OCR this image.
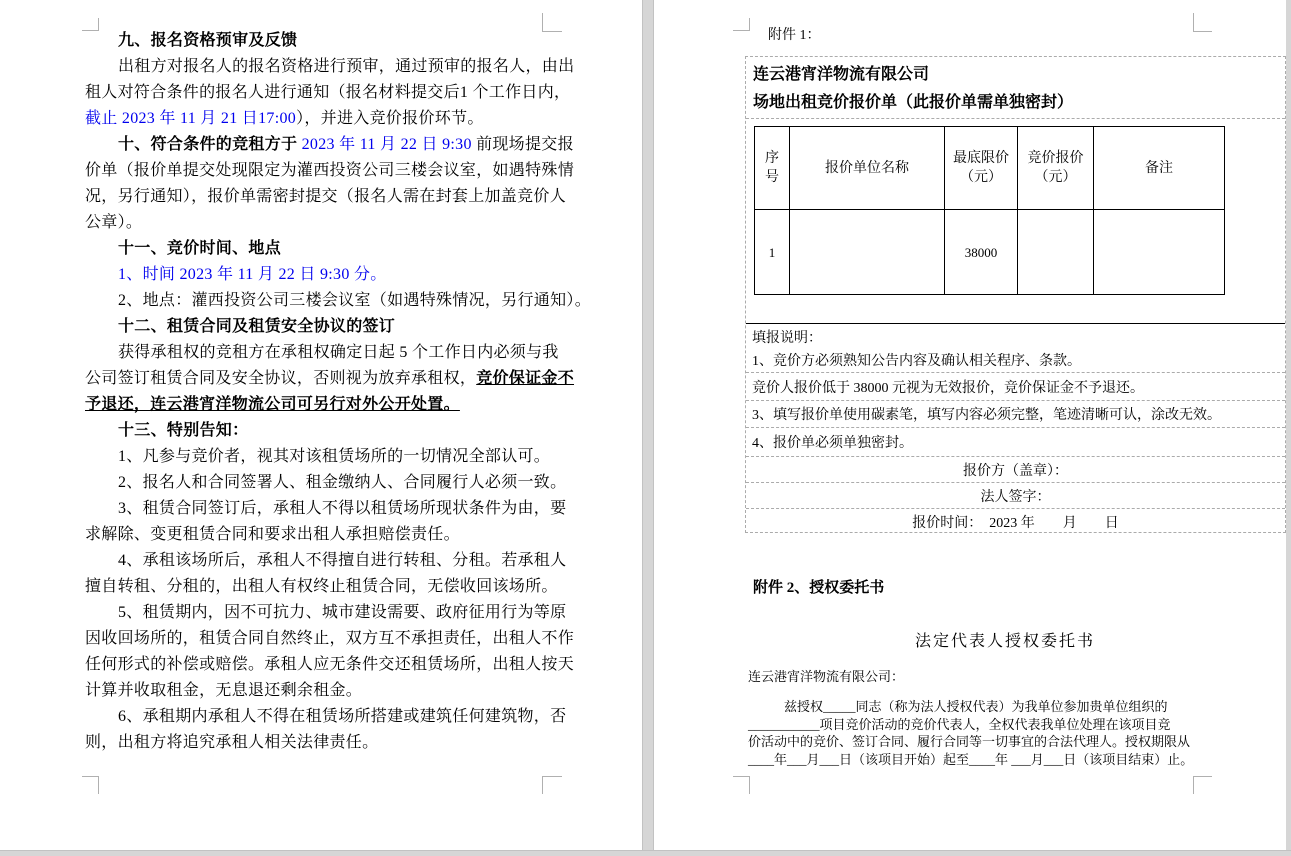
九、报名资格预审及反馈

出租方对报名人的报名资格进行预审，通过预审的报名人，由出

租人对符合条件的报名人进行通知（报名材料提交后1 个工作日内，

截止 2023 年 11 月 21 日17:00），并进入竞价报价环节。

十、符合条件的竞租方于 2023 年 11 月 22 日 9:30 前现场提交报

价单（报价单提交处现限定为灌西投资公司三楼会议室，如遇特殊情

况，另行通知），报价单需密封提交（报名人需在封套上加盖竞价人

公章）。

十一、竞价时间、地点

1、时间 2023 年 11 月 22 日 9:30 分。

2、地点：灌西投资公司三楼会议室（如遇特殊情况，另行通知）。

十二、租赁合同及租赁安全协议的签订

获得承租权的竞租方在承租权确定日起 5 个工作日内必须与我

公司签订租赁合同及安全协议，否则视为放弃承租权，竞价保证金不

予退还，连云港宵洋物流公司可另行对外公开处置。

十三、特别告知：

1、凡参与竞价者，视其对该租赁场所的一切情况全部认可。

2、报名人和合同签署人、租金缴纳人、合同履行人必须一致。

3、租赁合同签订后，承租人不得以租赁场所现状条件为由，要

求解除、变更租赁合同和要求出租人承担赔偿责任。

4、承租该场所后，承租人不得擅自进行转租、分租。若承租人

擅自转租、分租的，出租人有权终止租赁合同，无偿收回该场所。

5、租赁期内，因不可抗力、城市建设需要、政府征用行为等原

因收回场所的，租赁合同自然终止，双方互不承担责任，出租人不作

任何形式的补偿或赔偿。承租人应无条件交还租赁场所，出租人按天

计算并收取租金，无息退还剩余租金。

6、承租期内承租人不得在租赁场所搭建或建筑任何建筑物，否

则，出租方将追究承租人相关法律责任。

附件 1：
连云港宵洋物流有限公司
场地出租竞价报价单（此报价单需单独密封）
序号	报价单位名称	最底限价（元）	竞价报价（元）	备注
1		38000		
填报说明：
1、竞价方必须熟知公告内容及确认相关程序、条款。
竞价人报价低于 38000 元视为无效报价，竞价保证金不予退还。
3、填写报价单使用碳素笔，填写内容必须完整，笔迹清晰可认，涂改无效。
4、报价单必须单独密封。
报价方（盖章）：
法人签字：
报价时间：  2023 年        月        日
附件 2、授权委托书
法定代表人授权委托书
连云港宵洋物流有限公司：
兹授权_____同志（称为法人授权代表）为我单位参加贵单位组织的
___________项目竞价活动的竞价代表人，全权代表我单位处理在该项目竞
价活动中的竞价、签订合同、履行合同等一切事宜的合法代理人。授权期限从
____年___月___日（该项目开始）起至____年 ___月___日（该项目结束）止。
